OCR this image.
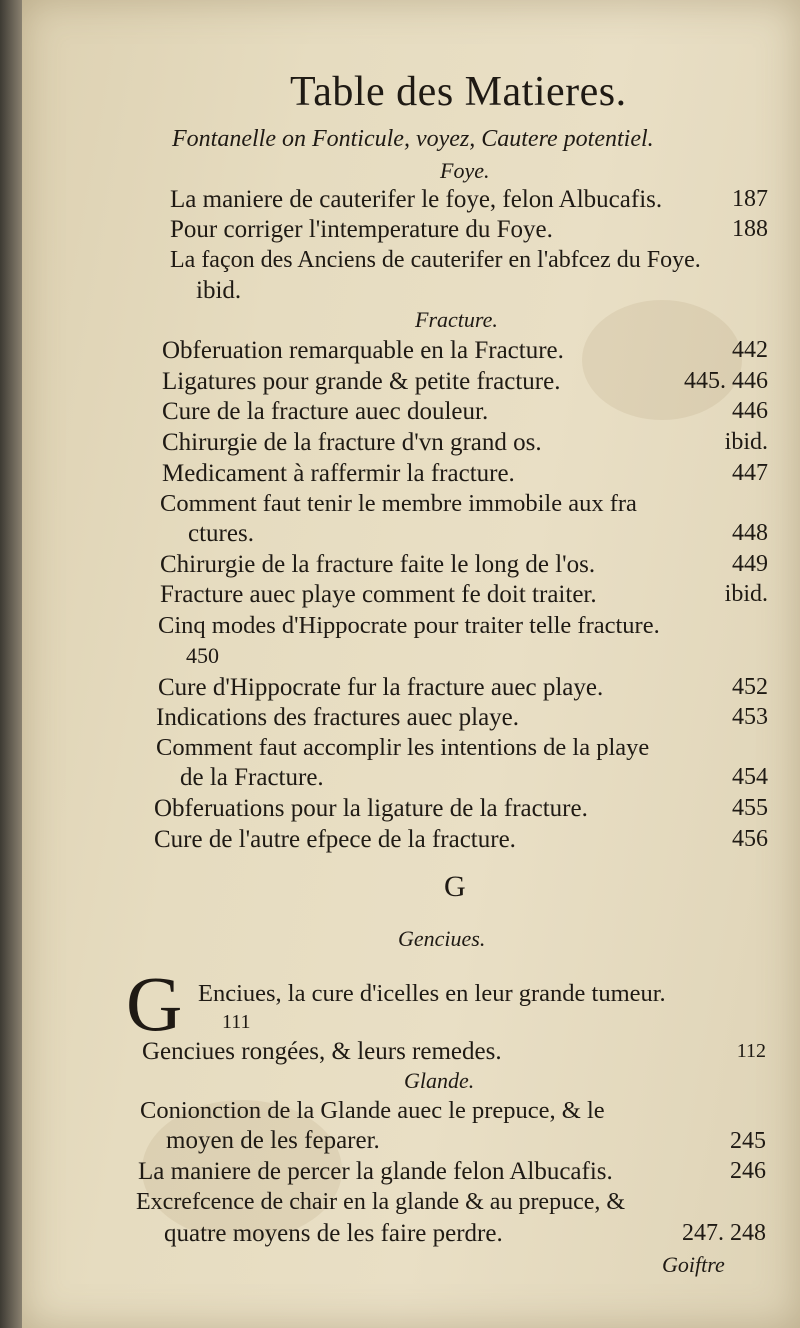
Table des Matieres.
Fontanelle on Fonticule, voyez, Cautere potentiel.
Foye.
La maniere de cauterifer le foye, felon Albucafis.	187
Pour corriger l'intemperature du Foye.	188
La façon des Anciens de cauterifer en l'abfcez du Foye.
ibid.
Fracture.
Obferuation remarquable en la Fracture.	442
Ligatures pour grande & petite fracture.	445. 446
Cure de la fracture auec douleur.	446
Chirurgie de la fracture d'vn grand os.	ibid.
Medicament à raffermir la fracture.	447
Comment faut tenir le membre immobile aux fra
ctures.	448
Chirurgie de la fracture faite le long de l'os.	449
Fracture auec playe comment fe doit traiter.	ibid.
Cinq modes d'Hippocrate pour traiter telle fracture.
450
Cure d'Hippocrate fur la fracture auec playe.	452
Indications des fractures auec playe.	453
Comment faut accomplir les intentions de la playe
de la Fracture.	454
Obferuations pour la ligature de la fracture.	455
Cure de l'autre efpece de la fracture.	456
G
Genciues.
G Enciues, la cure d'icelles en leur grande tumeur.
111
Genciues rongées, & leurs remedes.	112
Glande.
Conionction de la Glande auec le prepuce, & le
moyen de les feparer.	245
La maniere de percer la glande felon Albucafis.	246
Excrefcence de chair en la glande & au prepuce, &
quatre moyens de les faire perdre.	247. 248
Goiftre
